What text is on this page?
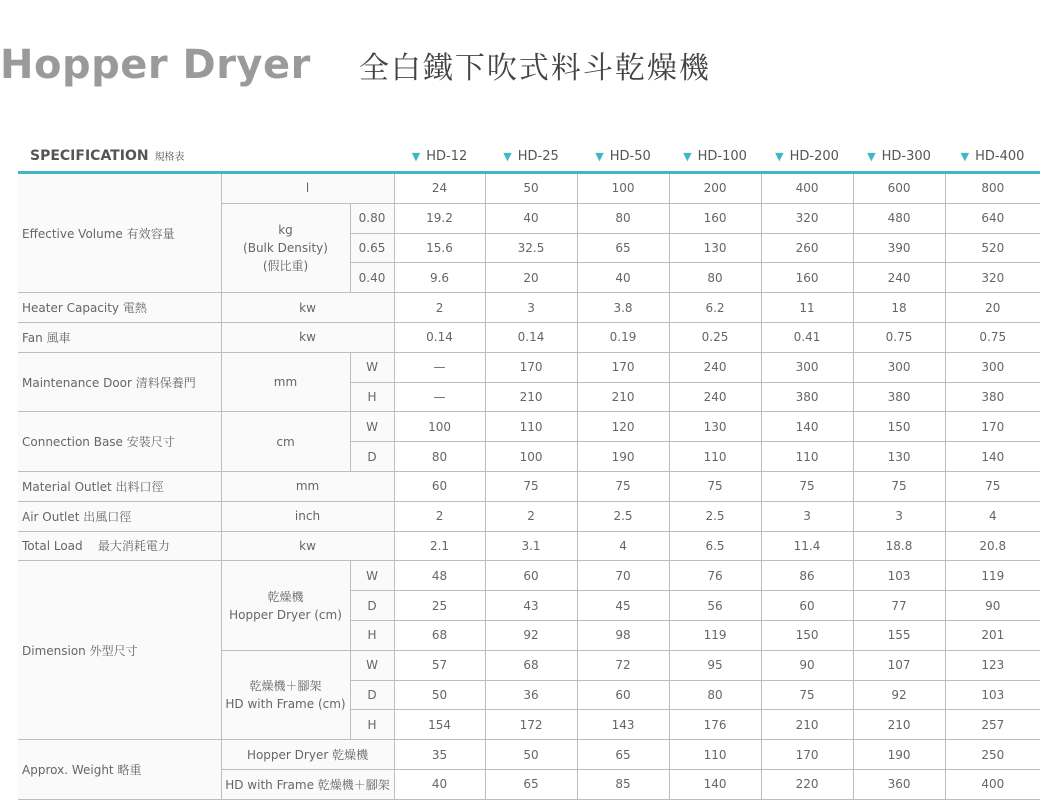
Hopper Dryer 全白鐵下吹式料斗乾燥機
SPECIFICATION 規格表			▼ HD-12	▼ HD-25	▼ HD-50	▼ HD-100	▼ HD-200	▼ HD-300	▼ HD-400
Effective Volume 有效容量	l		24	50	100	200	400	600	800

	kg
(Bulk Density)
(假比重)	0.80	19.2	40	80	160	320	480	640
		0.65	15.6	32.5	65	130	260	390	520
		0.40	9.6	20	40	80	160	240	320
Heater Capacity 電熱	kw		2	3	3.8	6.2	11	18	20
Fan 風車	kw		0.14	0.14	0.19	0.25	0.41	0.75	0.75
Maintenance Door 清料保養門	mm	W	—	170	170	240	300	300	300
		H	—	210	210	240	380	380	380
Connection Base 安裝尺寸	cm	W	100	110	120	130	140	150	170
		D	80	100	190	110	110	130	140
Material Outlet 出料口徑	mm		60	75	75	75	75	75	75
Air Outlet 出風口徑	inch		2	2	2.5	2.5	3	3	4
Total Load    最大消耗電力	kw		2.1	3.1	4	6.5	11.4	18.8	20.8
Dimension 外型尺寸	乾燥機
Hopper Dryer (cm)	W	48	60	70	76	86	103	119
		D	25	43	45	56	60	77	90
		H	68	92	98	119	150	155	201

	乾燥機＋腳架
HD with Frame (cm)	W	57	68	72	95	90	107	123
		D	50	36	60	80	75	92	103
		H	154	172	143	176	210	210	257
Approx. Weight 略重	Hopper Dryer 乾燥機		35	50	65	110	170	190	250
	HD with Frame 乾燥機＋腳架		40	65	85	140	220	360	400
